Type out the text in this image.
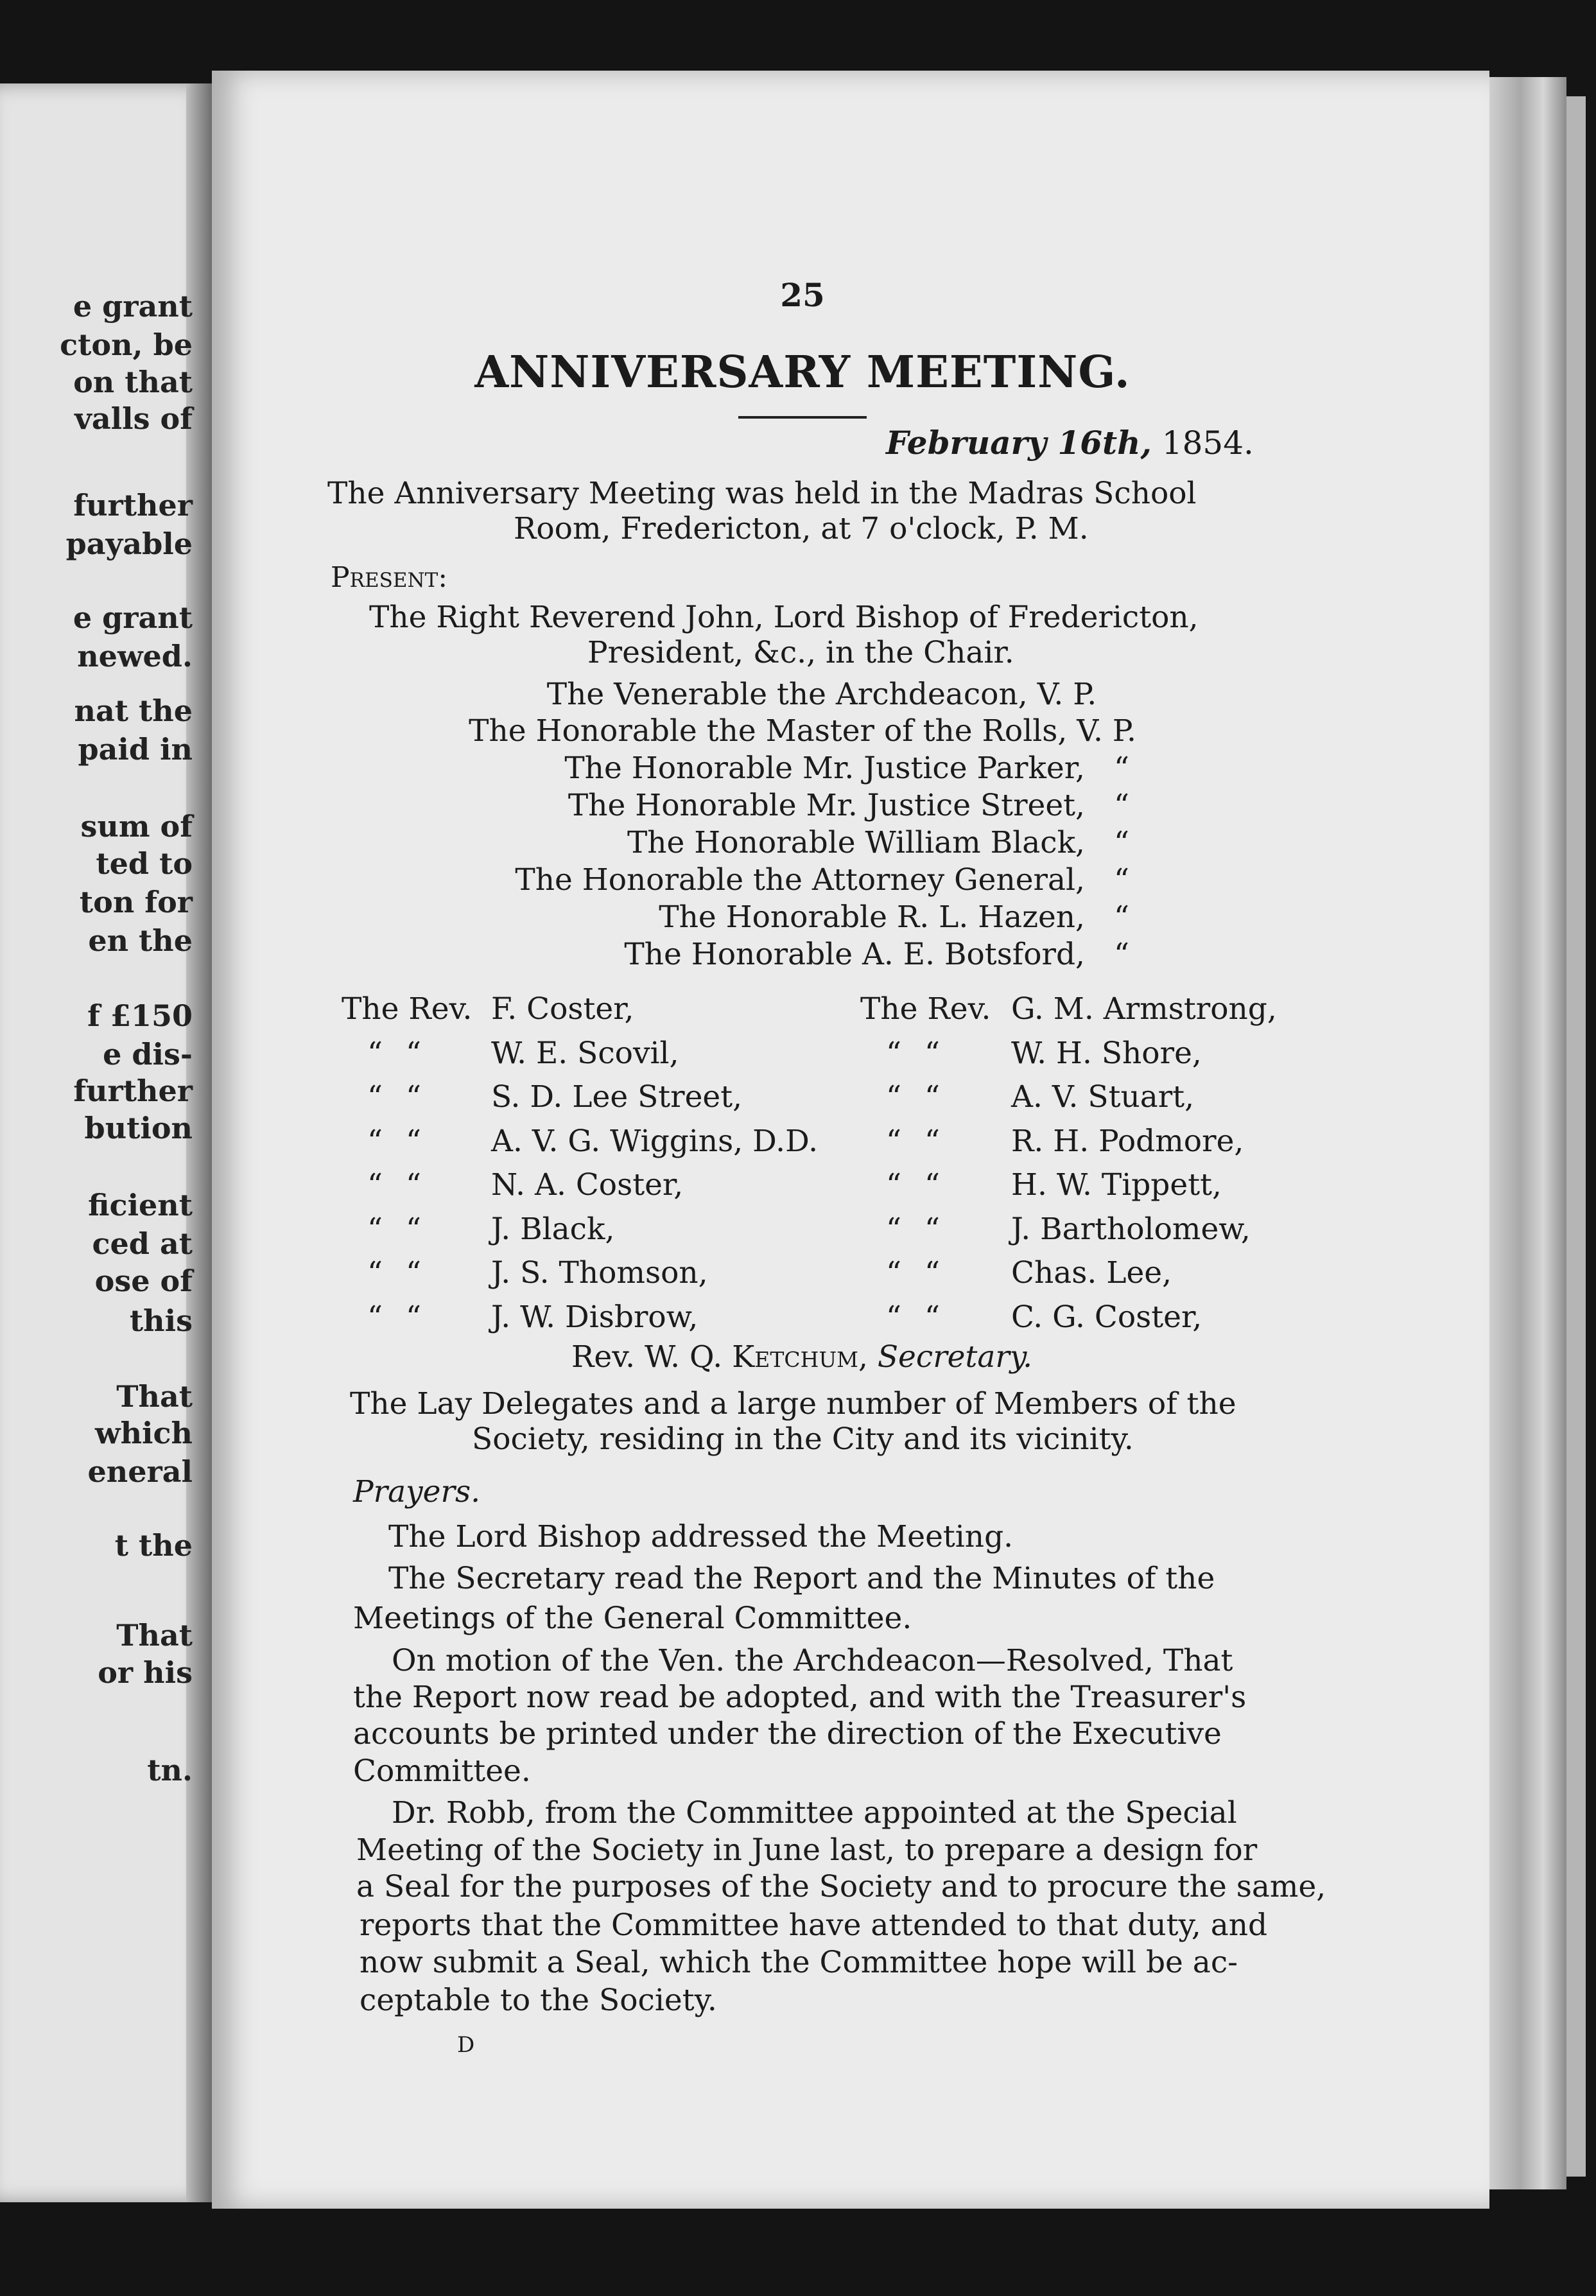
e grant
cton, be
on that
valls of
further
payable
e grant
newed.
nat the
paid in
sum of
ted to
ton for
en the
f £150
e dis-
further
bution
ficient
ced at
ose of
this
That
which
eneral
t the
That
or his
tn.
25
ANNIVERSARY MEETING.
February 16th, 1854.
The Anniversary Meeting was held in the Madras School
Room, Fredericton, at 7 o'clock, P. M.
Present:
The Right Reverend John, Lord Bishop of Fredericton,
President, &c., in the Chair.
The Venerable the Archdeacon, V. P.
The Honorable the Master of the Rolls, V. P.
The Honorable Mr. Justice Parker, “
The Honorable Mr. Justice Street, “
The Honorable William Black, “
The Honorable the Attorney General, “
The Honorable R. L. Hazen, “
The Honorable A. E. Botsford, “
The Rev. F. Coster,
“ “ W. E. Scovil,
“ “ S. D. Lee Street,
“ “ A. V. G. Wiggins, D.D.
“ “ N. A. Coster,
“ “ J. Black,
“ “ J. S. Thomson,
“ “ J. W. Disbrow,
The Rev. G. M. Armstrong,
“ “ W. H. Shore,
“ “ A. V. Stuart,
“ “ R. H. Podmore,
“ “ H. W. Tippett,
“ “ J. Bartholomew,
“ “ Chas. Lee,
“ “ C. G. Coster,
Rev. W. Q. Ketchum, Secretary.
The Lay Delegates and a large number of Members of the
Society, residing in the City and its vicinity.
Prayers.
The Lord Bishop addressed the Meeting.
The Secretary read the Report and the Minutes of the
Meetings of the General Committee.
On motion of the Ven. the Archdeacon—Resolved, That
the Report now read be adopted, and with the Treasurer's
accounts be printed under the direction of the Executive
Committee.
Dr. Robb, from the Committee appointed at the Special
Meeting of the Society in June last, to prepare a design for
a Seal for the purposes of the Society and to procure the same,
reports that the Committee have attended to that duty, and
now submit a Seal, which the Committee hope will be ac-
ceptable to the Society.
D
